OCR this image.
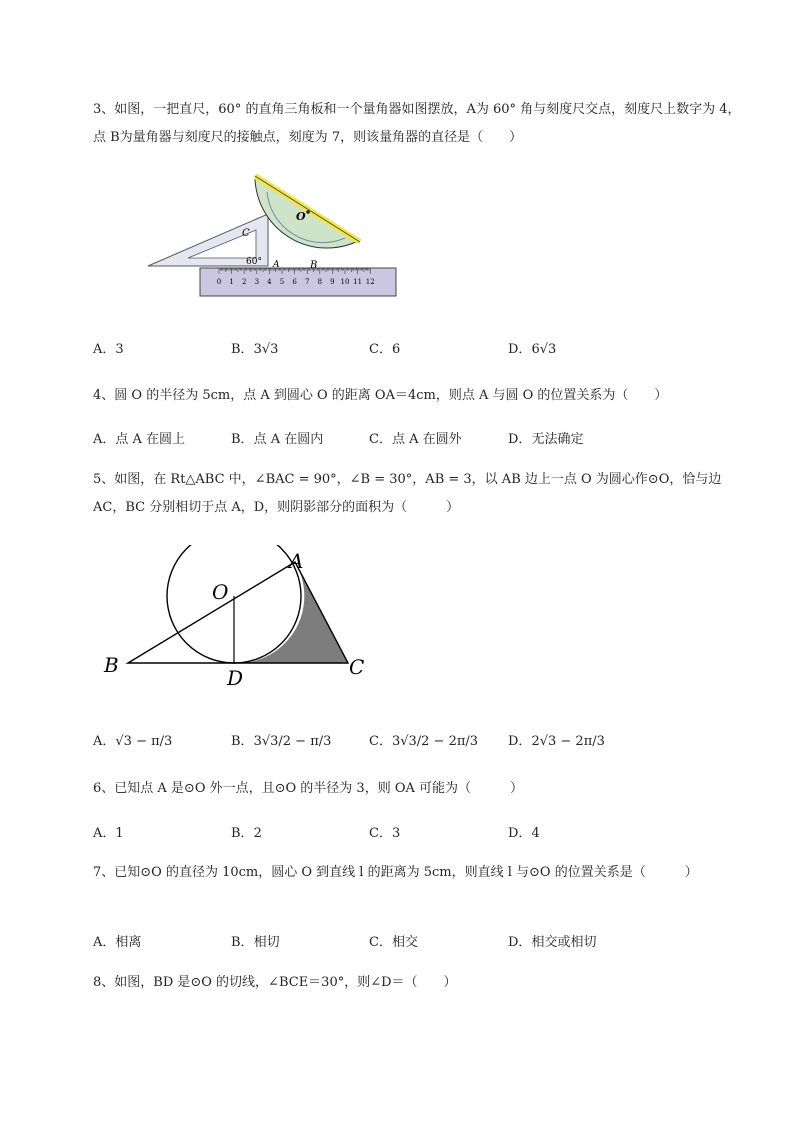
3、如图，一把直尺，60° 的直角三角板和一个量角器如图摆放，A为 60° 角与刻度尺交点，刻度尺上数字为 4，点 B为量角器与刻度尺的接触点，刻度为 7，则该量角器的直径是（　　）
0 1 2 3 4 5 6 7 8 9 10 11 12
O
C
60° A	B
A．3	B．3√3	C．6	D．6√3
4、圆 O 的半径为 5cm，点 A 到圆心 O 的距离 OA＝4cm，则点 A 与圆 O 的位置关系为（　　）
A．点 A 在圆上	B．点 A 在圆内	C．点 A 在圆外	D．无法确定
5、如图，在 Rt△ABC 中，∠BAC = 90°，∠B = 30°，AB = 3，以 AB 边上一点 O 为圆心作⊙O，恰与边 AC，BC 分别相切于点 A，D，则阴影部分的面积为（　　　）
O
A
B	C
D
A．√3 − π/3	B．3√3/2 − π/3	C．3√3/2 − 2π/3 D．2√3 − 2π/3
6、已知点 A 是⊙O 外一点，且⊙O 的半径为 3，则 OA 可能为（　　　）
A．1	B．2	C．3	D．4
7、已知⊙O 的直径为 10cm，圆心 O 到直线 l 的距离为 5cm，则直线 l 与⊙O 的位置关系是（　　　）
A．相离	B．相切	C．相交	D．相交或相切
8、如图，BD 是⊙O 的切线，∠BCE＝30°，则∠D＝（　　）
